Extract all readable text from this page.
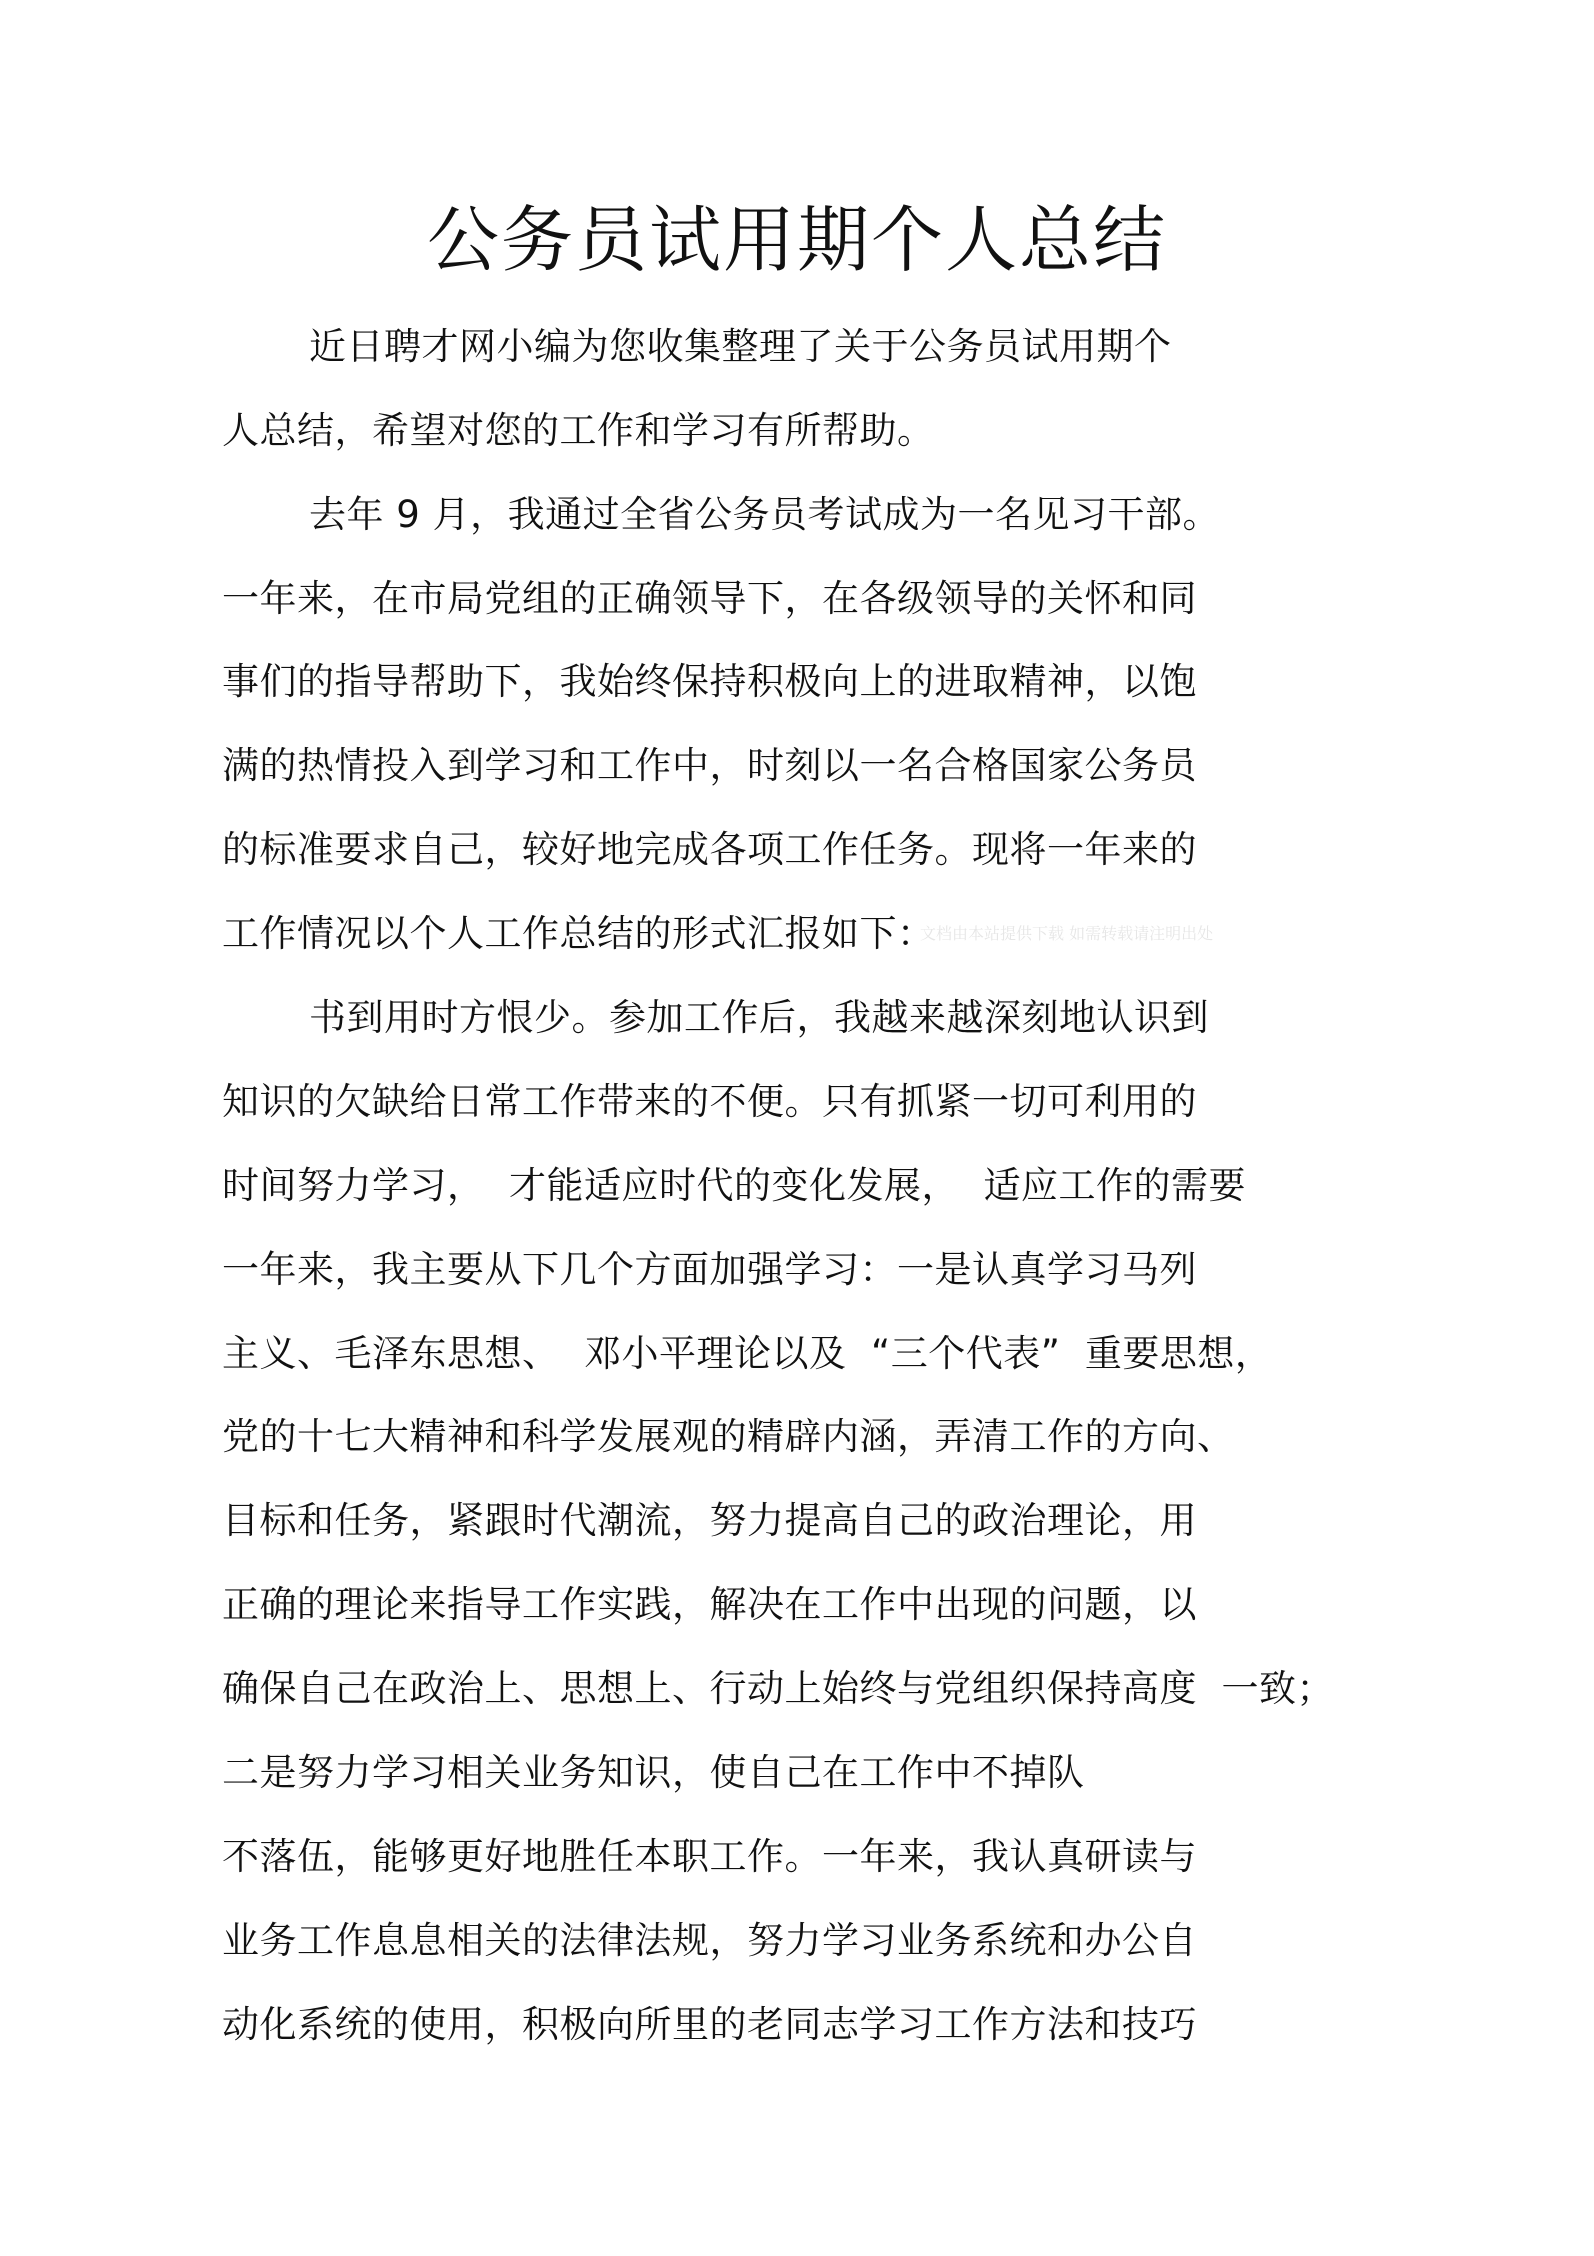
公务员试用期个人总结

近日聘才网小编为您收集整理了关于公务员试用期个

人总结，希望对您的工作和学习有所帮助。

去年 9 月，我通过全省公务员考试成为一名见习干部。

一年来，在市局党组的正确领导下，在各级领导的关怀和同

事们的指导帮助下，我始终保持积极向上的进取精神，以饱

满的热情投入到学习和工作中，时刻以一名合格国家公务员

的标准要求自己，较好地完成各项工作任务。现将一年来的

工作情况以个人工作总结的形式汇报如下：

文档由本站提供下载 如需转载请注明出处

书到用时方恨少。参加工作后，我越来越深刻地认识到

知识的欠缺给日常工作带来的不便。只有抓紧一切可利用的

时间努力学习，  才能适应时代的变化发展，  适应工作的需要

一年来，我主要从下几个方面加强学习：一是认真学习马列

主义、毛泽东思想、  邓小平理论以及  “三个代表”  重要思想，

党的十七大精神和科学发展观的精辟内涵，弄清工作的方向、

目标和任务，紧跟时代潮流，努力提高自己的政治理论，用

正确的理论来指导工作实践，解决在工作中出现的问题，以

确保自己在政治上、思想上、行动上始终与党组织保持高度  一致；

二是努力学习相关业务知识，使自己在工作中不掉队

不落伍，能够更好地胜任本职工作。一年来，我认真研读与

业务工作息息相关的法律法规，努力学习业务系统和办公自

动化系统的使用，积极向所里的老同志学习工作方法和技巧
